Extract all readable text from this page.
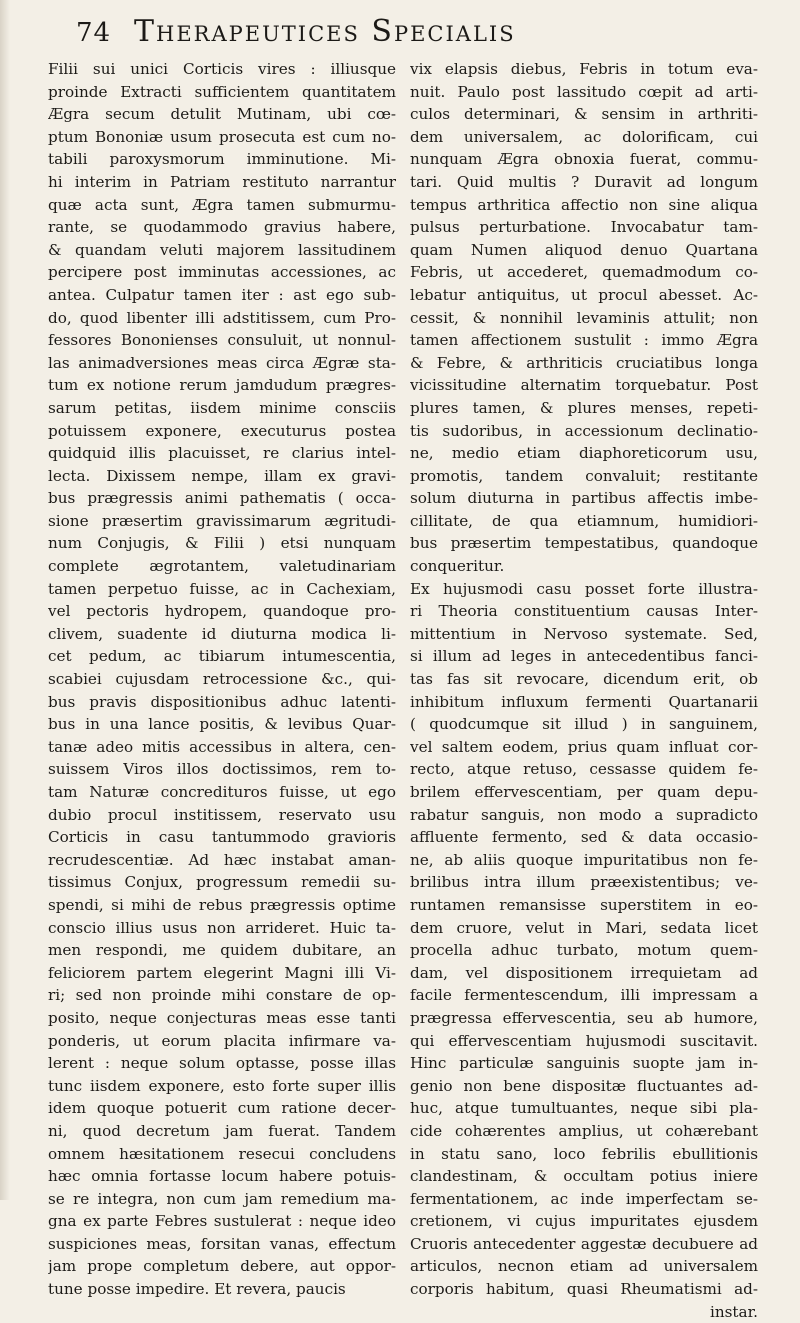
74 Therapeutices Specialis
Filii sui unici Corticis vires : illiusque
proinde Extracti sufficientem quantitatem
Ægra secum detulit Mutinam, ubi cœ-
ptum Bononiæ usum prosecuta est cum no-
tabili paroxysmorum imminutione. Mi-
hi interim in Patriam restituto narrantur
quæ acta sunt, Ægra tamen submurmu-
rante, se quodammodo gravius habere,
& quandam veluti majorem lassitudinem
percipere post imminutas accessiones, ac
antea. Culpatur tamen iter : ast ego sub-
do, quod libenter illi adstitissem, cum Pro-
fessores Bononienses consuluit, ut nonnul-
las animadversiones meas circa Ægræ sta-
tum ex notione rerum jamdudum prægres-
sarum petitas, iisdem minime consciis
potuissem exponere, executurus postea
quidquid illis placuisset, re clarius intel-
lecta. Dixissem nempe, illam ex gravi-
bus prægressis animi pathematis ( occa-
sione præsertim gravissimarum ægritudi-
num Conjugis, & Filii ) etsi nunquam
complete ægrotantem, valetudinariam
tamen perpetuo fuisse, ac in Cachexiam,
vel pectoris hydropem, quandoque pro-
clivem, suadente id diuturna modica li-
cet pedum, ac tibiarum intumescentia,
scabiei cujusdam retrocessione &c., qui-
bus pravis dispositionibus adhuc latenti-
bus in una lance positis, & levibus Quar-
tanæ adeo mitis accessibus in altera, cen-
suissem Viros illos doctissimos, rem to-
tam Naturæ concredituros fuisse, ut ego
dubio procul institissem, reservato usu
Corticis in casu tantummodo gravioris
recrudescentiæ. Ad hæc instabat aman-
tissimus Conjux, progressum remedii su-
spendi, si mihi de rebus prægressis optime
conscio illius usus non arrideret. Huic ta-
men respondi, me quidem dubitare, an
feliciorem partem elegerint Magni illi Vi-
ri; sed non proinde mihi constare de op-
posito, neque conjecturas meas esse tanti
ponderis, ut eorum placita infirmare va-
lerent : neque solum optasse, posse illas
tunc iisdem exponere, esto forte super illis
idem quoque potuerit cum ratione decer-
ni, quod decretum jam fuerat. Tandem
omnem hæsitationem resecui concludens
hæc omnia fortasse locum habere potuis-
se re integra, non cum jam remedium ma-
gna ex parte Febres sustulerat : neque ideo
suspiciones meas, forsitan vanas, effectum
jam prope completum debere, aut oppor-
tune posse impedire. Et revera, paucis
vix elapsis diebus, Febris in totum eva-
nuit. Paulo post lassitudo cœpit ad arti-
culos determinari, & sensim in arthriti-
dem universalem, ac dolorificam, cui
nunquam Ægra obnoxia fuerat, commu-
tari. Quid multis ? Duravit ad longum
tempus arthritica affectio non sine aliqua
pulsus perturbatione. Invocabatur tam-
quam Numen aliquod denuo Quartana
Febris, ut accederet, quemadmodum co-
lebatur antiquitus, ut procul abesset. Ac-
cessit, & nonnihil levaminis attulit; non
tamen affectionem sustulit : immo Ægra
& Febre, & arthriticis cruciatibus longa
vicissitudine alternatim torquebatur. Post
plures tamen, & plures menses, repeti-
tis sudoribus, in accessionum declinatio-
ne, medio etiam diaphoreticorum usu,
promotis, tandem convaluit; restitante
solum diuturna in partibus affectis imbe-
cillitate, de qua etiamnum, humidiori-
bus præsertim tempestatibus, quandoque
conqueritur.
Ex hujusmodi casu posset forte illustra-
ri Theoria constituentium causas Inter-
mittentium in Nervoso systemate. Sed,
si illum ad leges in antecedentibus fanci-
tas fas sit revocare, dicendum erit, ob
inhibitum influxum fermenti Quartanarii
( quodcumque sit illud ) in sanguinem,
vel saltem eodem, prius quam influat cor-
recto, atque retuso, cessasse quidem fe-
brilem effervescentiam, per quam depu-
rabatur sanguis, non modo a supradicto
affluente fermento, sed & data occasio-
ne, ab aliis quoque impuritatibus non fe-
brilibus intra illum præexistentibus; ve-
runtamen remansisse superstitem in eo-
dem cruore, velut in Mari, sedata licet
procella adhuc turbato, motum quem-
dam, vel dispositionem irrequietam ad
facile fermentescendum, illi impressam a
prægressa effervescentia, seu ab humore,
qui effervescentiam hujusmodi suscitavit.
Hinc particulæ sanguinis suopte jam in-
genio non bene dispositæ fluctuantes ad-
huc, atque tumultuantes, neque sibi pla-
cide cohærentes amplius, ut cohærebant
in statu sano, loco febrilis ebullitionis
clandestinam, & occultam potius iniere
fermentationem, ac inde imperfectam se-
cretionem, vi cujus impuritates ejusdem
Cruoris antecedenter aggestæ decubuere ad
articulos, necnon etiam ad universalem
corporis habitum, quasi Rheumatismi ad-
instar.
